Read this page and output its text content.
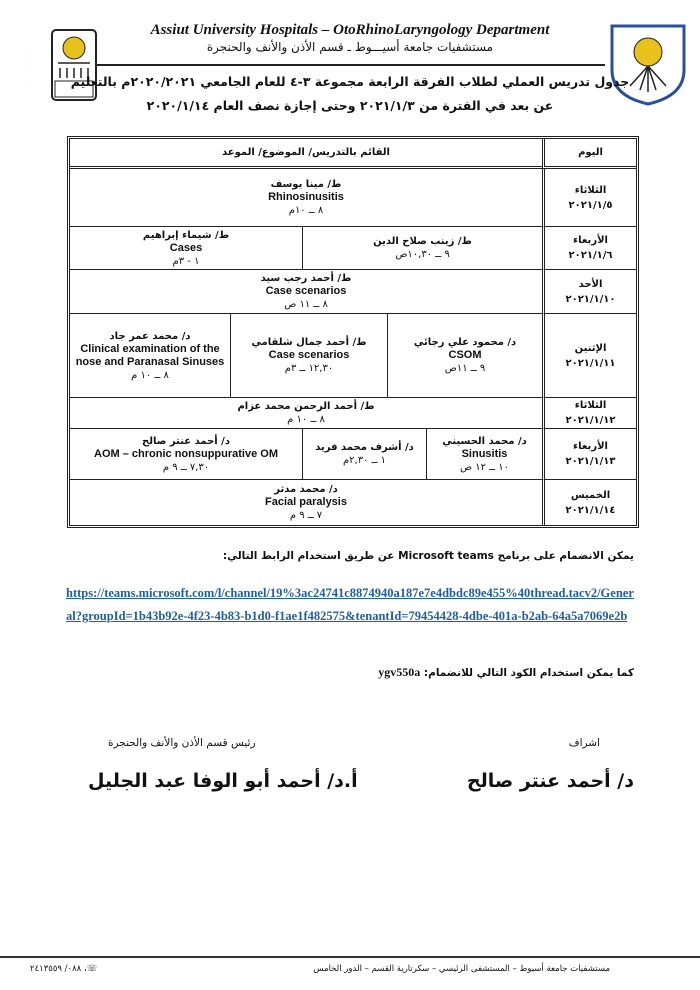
Assiut University Hospitals – OtoRhinoLaryngology Department
مستشفيات جامعة أسيـــوط ـ قسم الأذن والأنف والحنجرة
جدول تدريس العملي لطلاب الفرقة الرابعة مجموعة ٣-٤ للعام الجامعي ٢٠٢٠/٢٠٢١م بالتعليم
عن بعد في الفترة من ٢٠٢١/١/٣ وحتى إجازة نصف العام ٢٠٢٠/١/١٤
اليوم
القائم بالتدريس/ الموضوع/ الموعد
الثلاثاء
٢٠٢١/١/٥
ط/ مينا يوسف
Rhinosinusitis
٨ ــ ١٠م
الأربعاء
٢٠٢١/١/٦
ط/ زينب صلاح الدين
٩ ــ ١٠,٣٠ص
ط/ شيماء إبراهيم
Cases
١ - ٣م
الأحد
٢٠٢١/١/١٠
ط/ أحمد رجب سيد
Case scenarios
٨ ــ ١١ ص
الإثنين
٢٠٢١/١/١١
د/ محمود علي رجائي
CSOM
٩ ــ ١١ص
ط/ أحمد جمال شلقامي
Case scenarios
١٢,٣٠ ــ ٣م
د/ محمد عمر جاد
Clinical examination of the nose and Paranasal Sinuses
٨ ــ ١٠ م
الثلاثاء
٢٠٢١/١/١٢
ط/ أحمد الرحمن محمد عزام
٨ ــ ١٠ م
الأربعاء
٢٠٢١/١/١٣
د/ محمد الحسيني
Sinusitis
١٠ ــ ١٢ ص
د/ أشرف محمد فريد
١ ــ ٢,٣٠م
د/ أحمد عنتر صالح
AOM – chronic nonsuppurative OM
٧,٣٠ ــ ٩ م
الخميس
٢٠٢١/١/١٤
د/ محمد مدثر
Facial paralysis
٧ ــ ٩ م
يمكن الانضمام على برنامج Microsoft teams عن طريق استخدام الرابط التالي:
https://teams.microsoft.com/l/channel/19%3ac24741c8874940a187e7e4dbdc89e455%40thread.tacv2/General?groupId=1b43b92e-4f23-4b83-b1d0-f1ae1f482575&tenantId=79454428-4dbe-401a-b2ab-64a5a7069e2b
كما يمكن استخدام الكود التالي للانضمام: ygv550a
اشراف
د/ أحمد عنتر صالح
رئيس قسم الأذن والأنف والحنجرة
أ.د/ أحمد أبو الوفا عبد الجليل
مستشفيات جامعة أسيوط – المستشفى الرئيسي – سكرتارية القسم – الدور الخامس
☏، ٠٨٨/ ٢٤١٣٥٥٩
